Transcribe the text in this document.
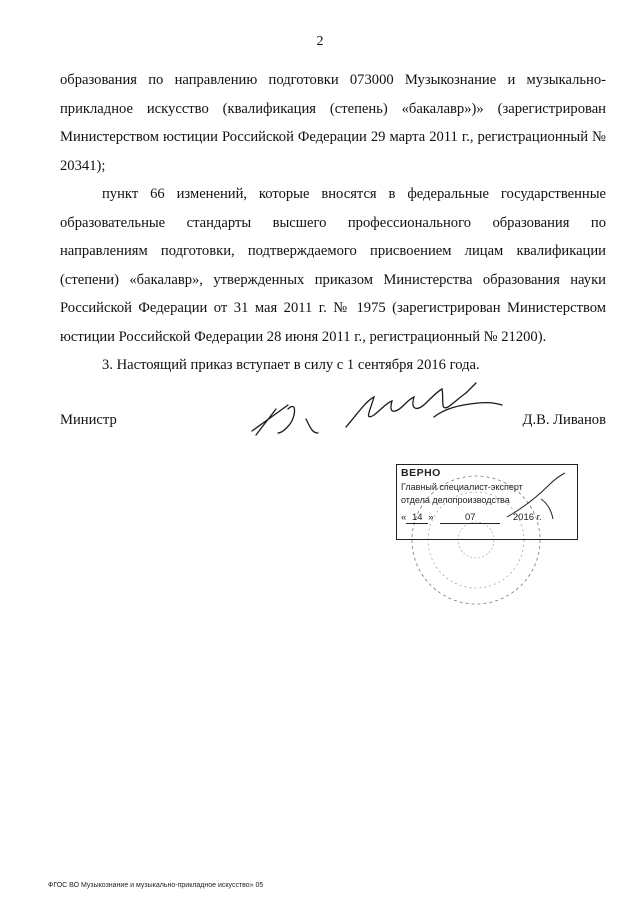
2

образования по направлению подготовки 073000 Музыкознание и музыкально-прикладное искусство (квалификация (степень) «бакалавр»)» (зарегистрирован Министерством юстиции Российской Федерации 29 марта 2011 г., регистрационный № 20341);

пункт 66 изменений, которые вносятся в федеральные государственные образовательные стандарты высшего профессионального образования по направлениям подготовки, подтверждаемого присвоением лицам квалификации (степени) «бакалавр», утвержденных приказом Министерства образования науки Российской Федерации от 31 мая 2011 г. № 1975 (зарегистрирован Министерством юстиции Российской Федерации 28 июня 2011 г., регистрационный № 21200).

3. Настоящий приказ вступает в силу с 1 сентября 2016 года.

Министр	Д.В. Ливанов
ВЕРНО
Главный специалист-эксперт
отдела делопроизводства
« 14 »	07	2016 г.
ФГОС ВО Музыкознание и музыкально-прикладное искусство» 05
